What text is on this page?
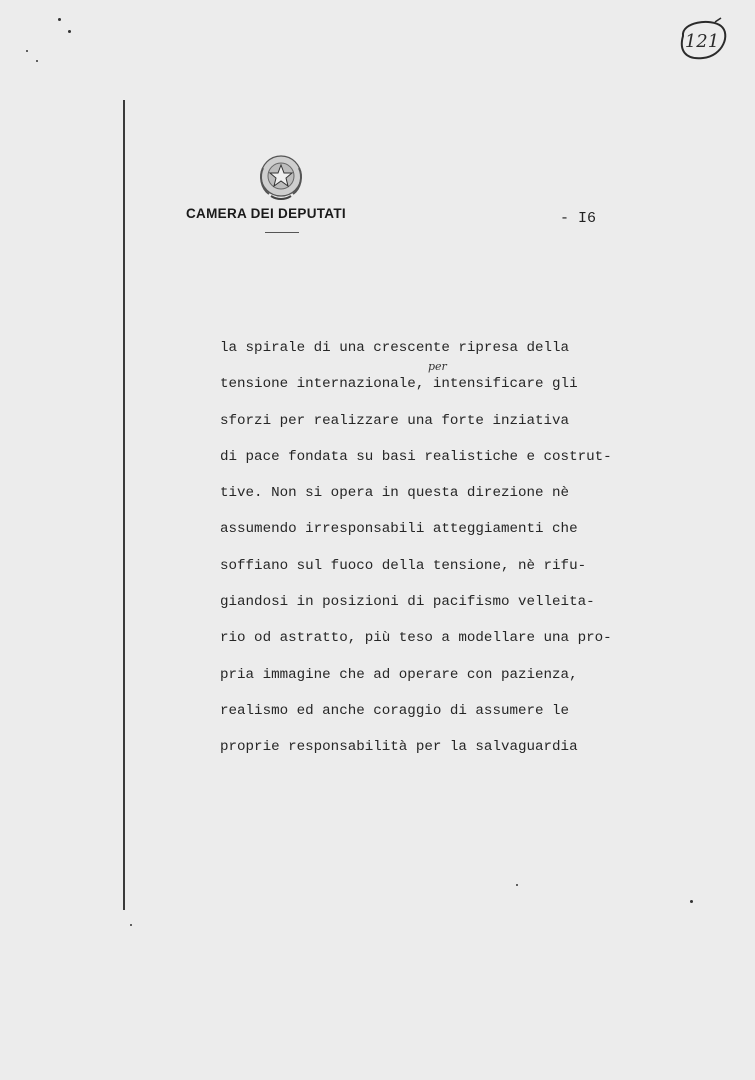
121
CAMERA DEI DEPUTATI	- I6
per
la spirale di una crescente ripresa della
tensione internazionale, intensificare gli
sforzi per realizzare una forte inziativa
di pace fondata su basi realistiche e costrut-
tive. Non si opera in questa direzione nè
assumendo irresponsabili atteggiamenti che
soffiano sul fuoco della tensione, nè rifu-
giandosi in posizioni di pacifismo velleita-
rio od astratto, più teso a modellare una pro-
pria immagine che ad operare con pazienza,
realismo ed anche coraggio di assumere le
proprie responsabilità per la salvaguardia
